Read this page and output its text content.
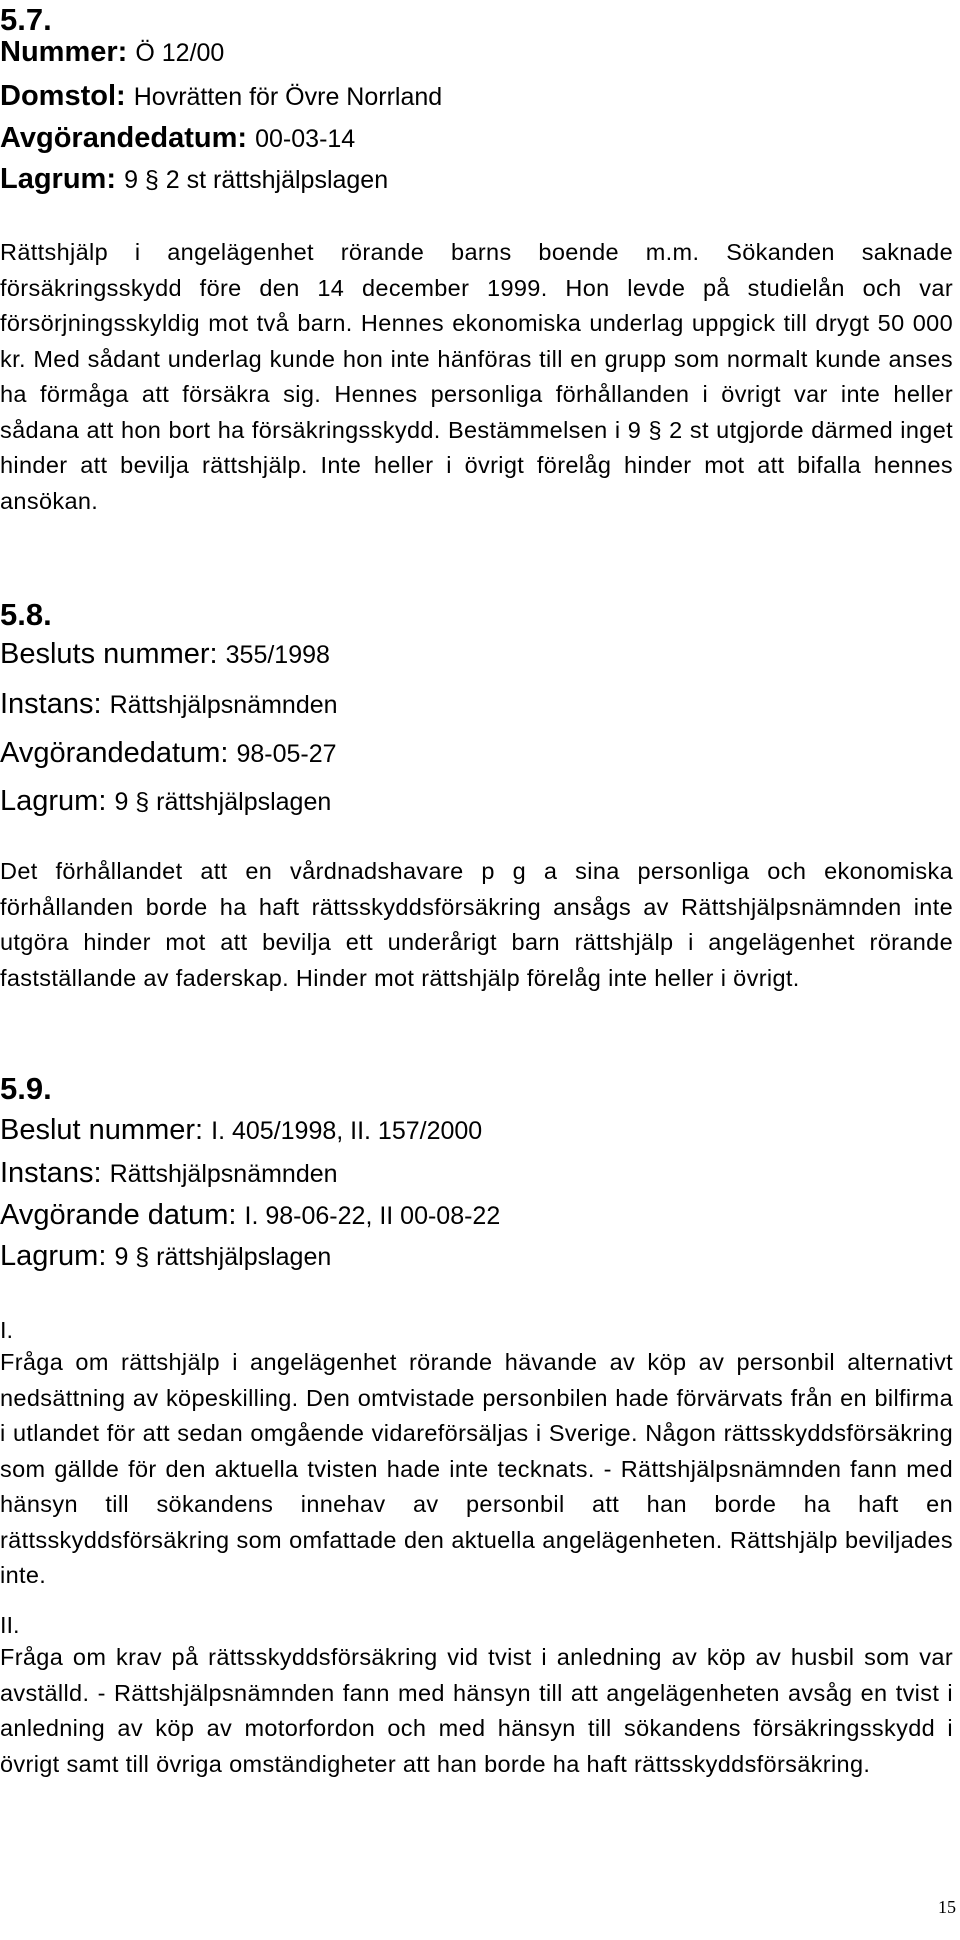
5.7.
Nummer: Ö 12/00
Domstol: Hovrätten för Övre Norrland
Avgörandedatum: 00-03-14
Lagrum: 9 § 2 st rättshjälpslagen

Rättshjälp i angelägenhet rörande barns boende m.m. Sökanden saknade försäkringsskydd före den 14 december 1999. Hon levde på studielån och var försörjningsskyldig mot två barn. Hennes ekonomiska underlag uppgick till drygt 50 000 kr. Med sådant underlag kunde hon inte hänföras till en grupp som normalt kunde anses ha förmåga att försäkra sig. Hennes personliga förhållanden i övrigt var inte heller sådana att hon bort ha försäkringsskydd. Bestämmelsen i 9 § 2 st utgjorde därmed inget hinder att bevilja rättshjälp. Inte heller i övrigt förelåg hinder mot att bifalla hennes ansökan.

5.8.
Besluts nummer: 355/1998
Instans: Rättshjälpsnämnden
Avgörandedatum: 98-05-27
Lagrum: 9 § rättshjälpslagen

Det förhållandet att en vårdnadshavare p g a sina personliga och ekonomiska förhållanden borde ha haft rättsskyddsförsäkring ansågs av Rättshjälpsnämnden inte utgöra hinder mot att bevilja ett underårigt barn rättshjälp i angelägenhet rörande fastställande av faderskap. Hinder mot rättshjälp förelåg inte heller i övrigt.

5.9.
Beslut nummer: I. 405/1998, II. 157/2000
Instans: Rättshjälpsnämnden
Avgörande datum: I. 98-06-22, II 00-08-22
Lagrum: 9 § rättshjälpslagen
I.

Fråga om rättshjälp i angelägenhet rörande hävande av köp av personbil alternativt nedsättning av köpeskilling. Den omtvistade personbilen hade förvärvats från en bilfirma i utlandet för att sedan omgående vidareförsäljas i Sverige. Någon rättsskyddsförsäkring som gällde för den aktuella tvisten hade inte tecknats. - Rättshjälpsnämnden fann med hänsyn till sökandens innehav av personbil att han borde ha haft en rättsskyddsförsäkring som omfattade den aktuella angelägenheten. Rättshjälp beviljades inte.

II.

Fråga om krav på rättsskyddsförsäkring vid tvist i anledning av köp av husbil som var avställd. - Rättshjälpsnämnden fann med hänsyn till att angelägenheten avsåg en tvist i anledning av köp av motorfordon och med hänsyn till sökandens försäkringsskydd i övrigt samt till övriga omständigheter att han borde ha haft rättsskyddsförsäkring.

15
